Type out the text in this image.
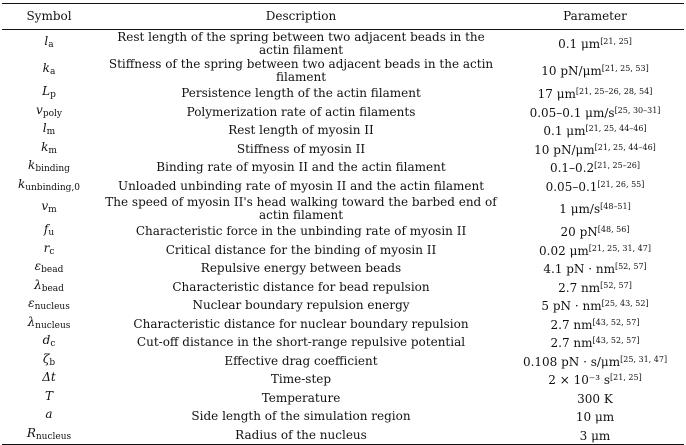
Symbol	Description	Parameter
la	Rest length of the spring between two adjacent beads in the actin filament	0.1 μm[21, 25]
ka	Stiffness of the spring between two adjacent beads in the actin filament	10 pN/μm[21, 25, 53]
Lp	Persistence length of the actin filament	17 μm[21, 25–26, 28, 54]
vpoly	Polymerization rate of actin filaments	0.05–0.1 μm/s[25, 30–31]
lm	Rest length of myosin II	0.1 μm[21, 25, 44–46]
km	Stiffness of myosin II	10 pN/μm[21, 25, 44–46]
kbinding	Binding rate of myosin II and the actin filament	0.1–0.2[21, 25–26]
kunbinding,0	Unloaded unbinding rate of myosin II and the actin filament	0.05–0.1[21, 26, 55]
vm	The speed of myosin II's head walking toward the barbed end of actin filament	1 μm/s[48–51]
fu	Characteristic force in the unbinding rate of myosin II	20 pN[48, 56]
rc	Critical distance for the binding of myosin II	0.02 μm[21, 25, 31, 47]
εbead	Repulsive energy between beads	4.1 pN · nm[52, 57]
λbead	Characteristic distance for bead repulsion	2.7 nm[52, 57]
εnucleus	Nuclear boundary repulsion energy	5 pN · nm[25, 43, 52]
λnucleus	Characteristic distance for nuclear boundary repulsion	2.7 nm[43, 52, 57]
dc	Cut-off distance in the short-range repulsive potential	2.7 nm[43, 52, 57]
ζb	Effective drag coefficient	0.108 pN · s/μm[25, 31, 47]
Δt	Time-step	2 × 10⁻³ s[21, 25]
T	Temperature	300 K
a	Side length of the simulation region	10 μm
Rnucleus	Radius of the nucleus	3 μm
